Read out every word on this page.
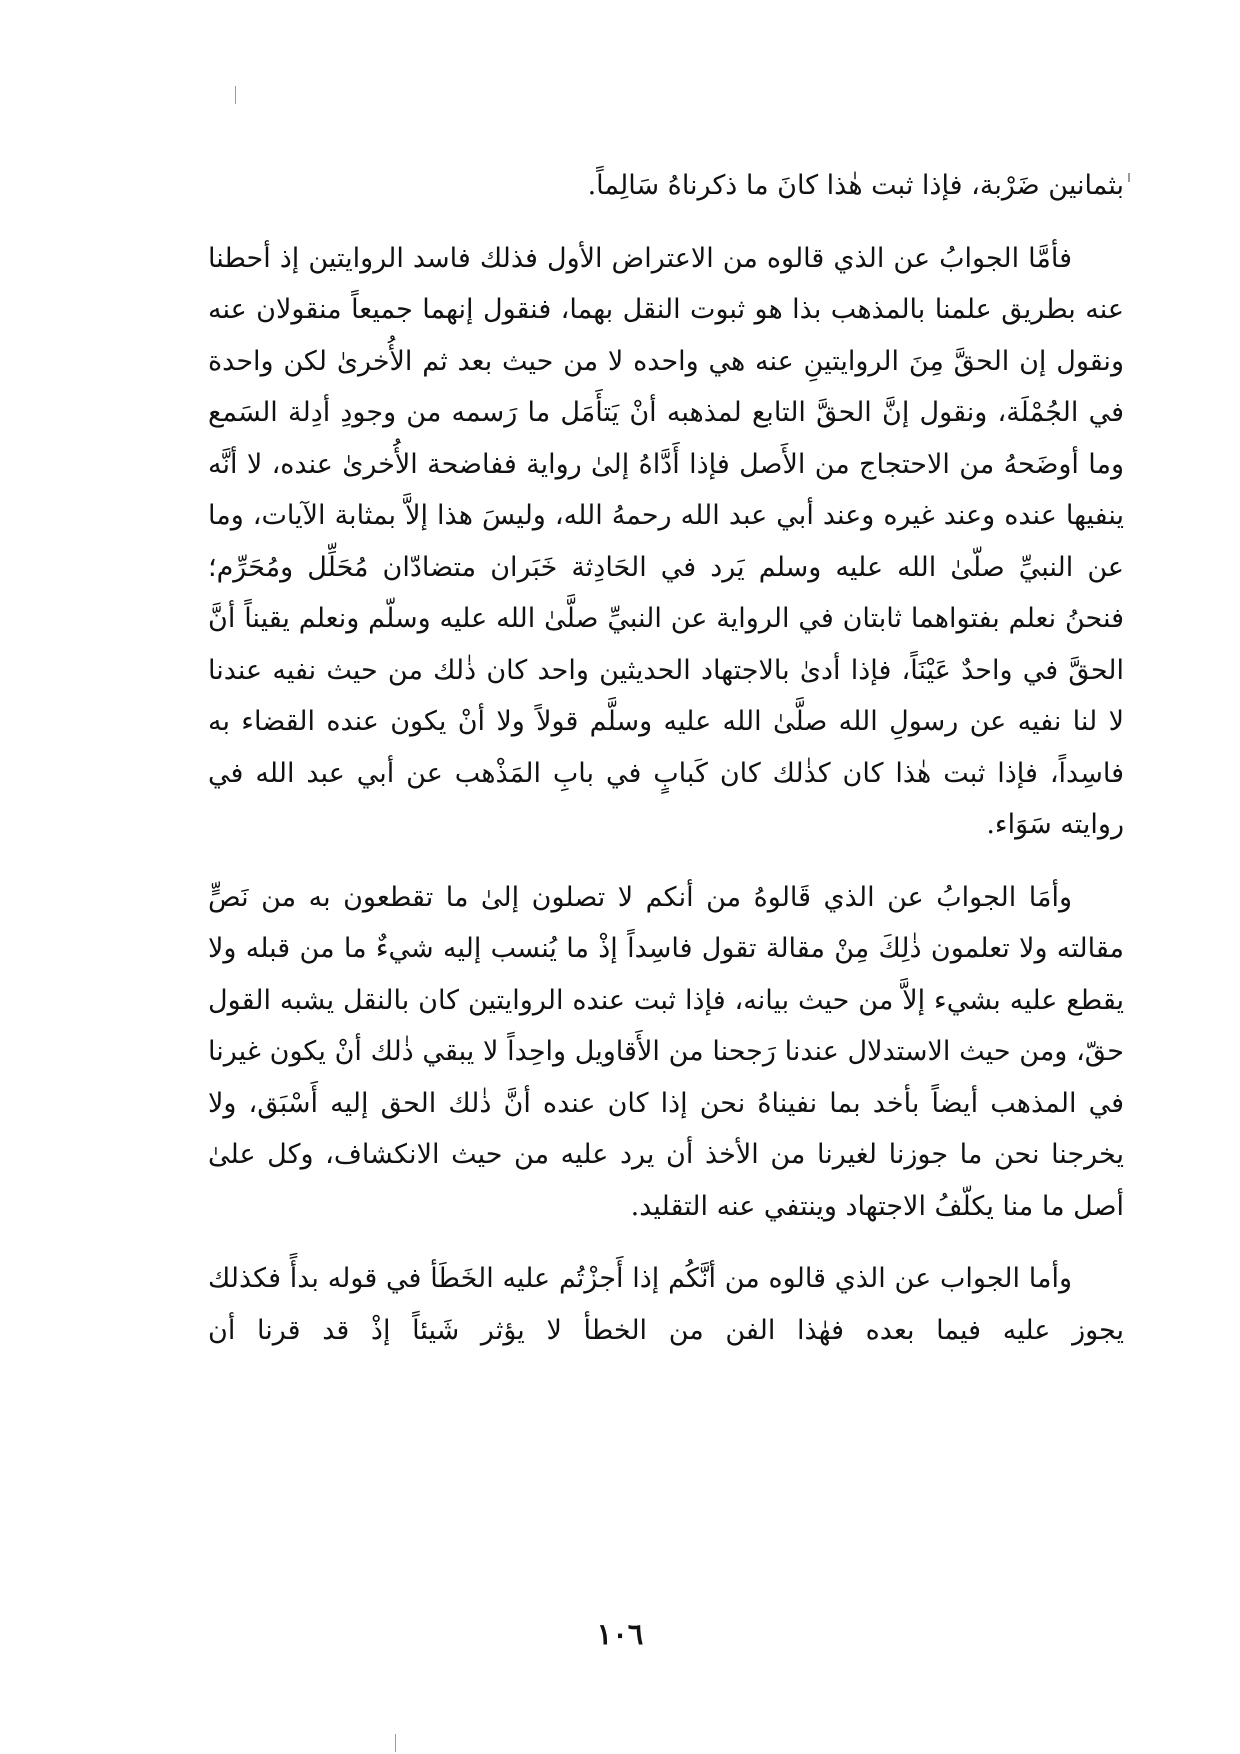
بثمانين ضَرْبة، فإذا ثبت هٰذا كانَ ما ذكرناهُ سَالِماً.

فأمَّا الجوابُ عن الذي قالوه من الاعتراض الأول فذلك فاسد الروايتين إذ أحطنا عنه بطريق علمنا بالمذهب بذا هو ثبوت النقل بهما، فنقول إنهما جميعاً منقولان عنه ونقول إن الحقَّ مِنَ الروايتينِ عنه هي واحده لا من حيث بعد ثم الأُخرىٰ لكن واحدة في الجُمْلَة، ونقول إنَّ الحقَّ التابع لمذهبه أنْ يَتأَمَل ما رَسمه من وجودِ أدِلة السَمع وما أوضَحهُ من الاحتجاج من الأَصل فإذا أَدَّاهُ إلىٰ رواية ففاضحة الأُخرىٰ عنده، لا أنَّه ينفيها عنده وعند غيره وعند أبي عبد الله رحمهُ الله، وليسَ هذا إلاَّ بمثابة الآيات، وما عن النبيِّ صلّىٰ الله عليه وسلم يَرد في الحَادِثة خَبَران متضادّان مُحَلِّل ومُحَرِّم؛ فنحنُ نعلم بفتواهما ثابتان في الرواية عن النبيِّ صلَّىٰ الله عليه وسلّم ونعلم يقيناً أنَّ الحقَّ في واحدٌ عَيْنَاً، فإذا أدىٰ بالاجتهاد الحديثين واحد كان ذٰلك من حيث نفيه عندنا لا لنا نفيه عن رسولِ الله صلَّىٰ الله عليه وسلَّم قولاً ولا أنْ يكون عنده القضاء به فاسِداً، فإذا ثبت هٰذا كان كذٰلك كان كَبابٍ في بابِ المَذْهب عن أبي عبد الله في روايته سَوَاء.

وأمَا الجوابُ عن الذي قَالوهُ من أنكم لا تصلون إلىٰ ما تقطعون به من نَصٍّ مقالته ولا تعلمون ذٰلِكَ مِنْ مقالة تقول فاسِداً إذْ ما يُنسب إليه شيءٌ ما من قبله ولا يقطع عليه بشيء إلاَّ من حيث بيانه، فإذا ثبت عنده الروايتين كان بالنقل يشبه القول حقّ، ومن حيث الاستدلال عندنا رَجحنا من الأَقاويل واحِداً لا يبقي ذٰلك أنْ يكون غيرنا في المذهب أيضاً بأخد بما نفيناهُ نحن إذا كان عنده أنَّ ذٰلك الحق إليه أَسْبَق، ولا يخرجنا نحن ما جوزنا لغيرنا من الأخذ أن يرد عليه من حيث الانكشاف، وكل علىٰ أصل ما منا يكلّفُ الاجتهاد وينتفي عنه التقليد.

وأما الجواب عن الذي قالوه من أنَّكُم إذا أَجزْتُم عليه الخَطَأ في قوله بدأً فكذلك يجوز عليه فيما بعده فهٰذا الفن من الخطأ لا يؤثر شَيئاً إذْ قد قرنا أن

١٠٦
